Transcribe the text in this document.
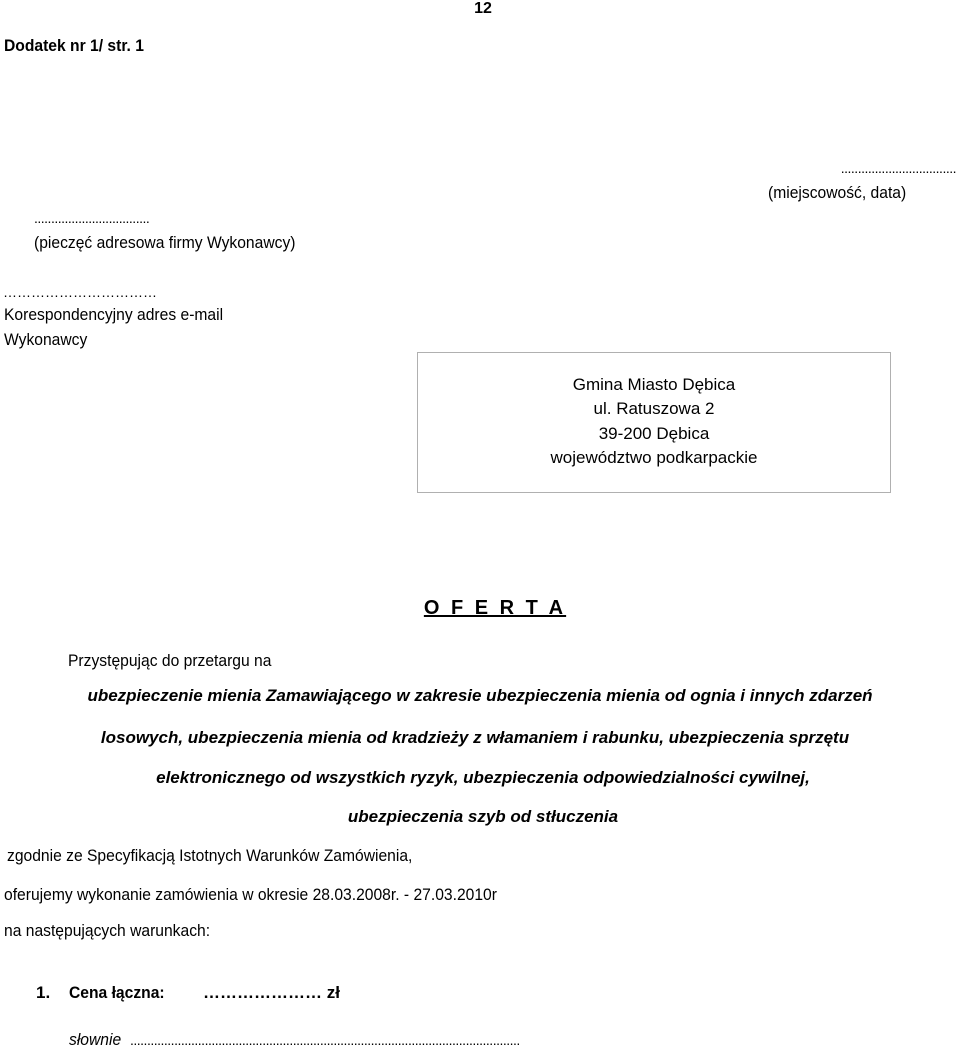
12
Dodatek nr 1/ str. 1
..................................
(miejscowość, data)
..................................
(pieczęć adresowa firmy Wykonawcy)
……………………………
Korespondencyjny adres e-mail
Wykonawcy
Gmina Miasto Dębica
ul. Ratuszowa 2
39-200 Dębica
województwo podkarpackie
O F E R T A
Przystępując do przetargu na
ubezpieczenie mienia Zamawiającego w zakresie ubezpieczenia mienia od ognia i innych zdarzeń
losowych, ubezpieczenia mienia od kradzieży z włamaniem i rabunku, ubezpieczenia sprzętu
elektronicznego od wszystkich ryzyk, ubezpieczenia odpowiedzialności cywilnej,
ubezpieczenia szyb od stłuczenia
zgodnie ze Specyfikacją Istotnych Warunków Zamówienia,
oferujemy wykonanie zamówienia w okresie 28.03.2008r. - 27.03.2010r
na następujących warunkach:
1. Cena łączna: ………………… zł
słownie ...................................................................................................................
